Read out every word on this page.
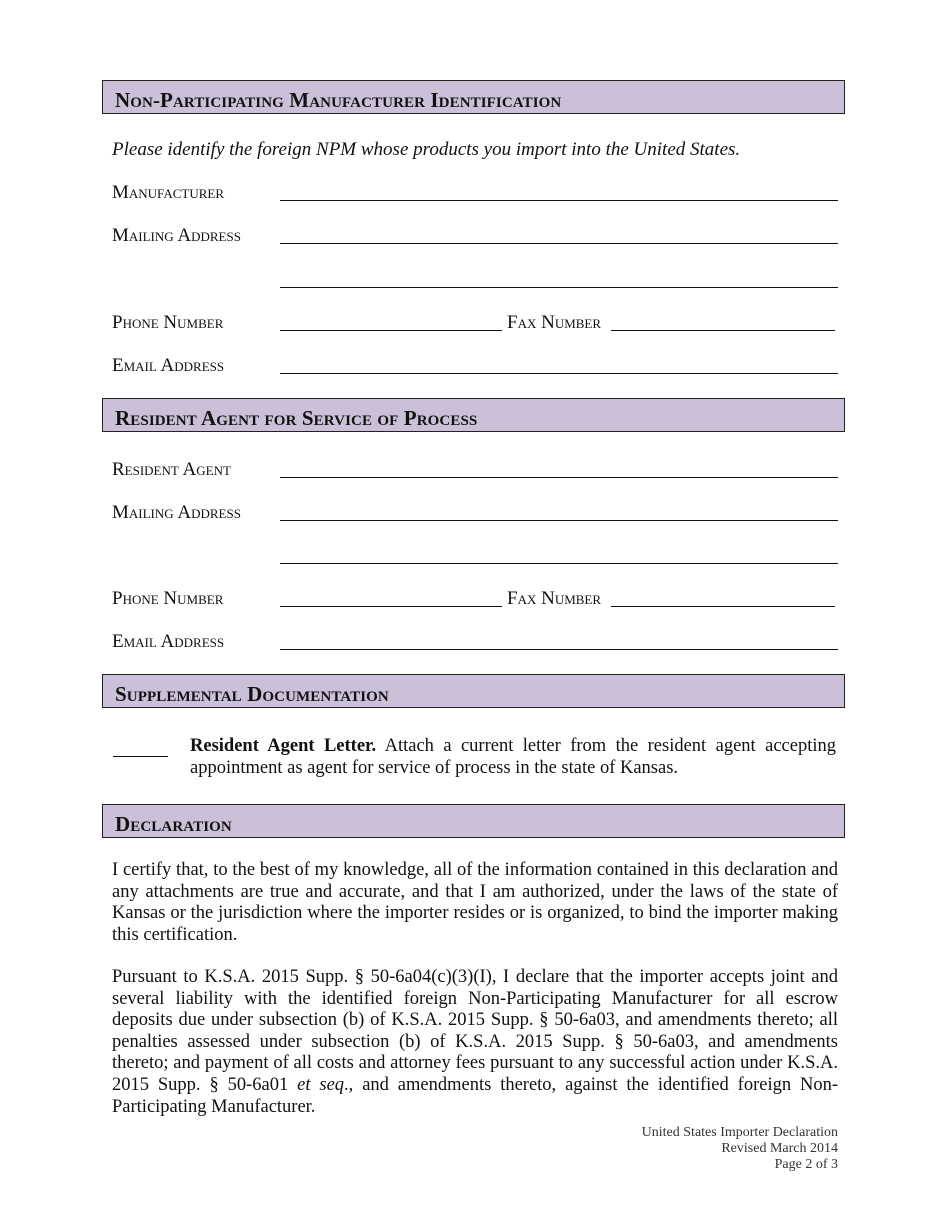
Non-Participating Manufacturer Identification
Please identify the foreign NPM whose products you import into the United States.
Manufacturer
Mailing Address
Phone Number	Fax Number
Email Address
Resident Agent for Service of Process
Resident Agent
Mailing Address
Phone Number	Fax Number
Email Address
Supplemental Documentation
Resident Agent Letter. Attach a current letter from the resident agent accepting appointment as agent for service of process in the state of Kansas.
Declaration
I certify that, to the best of my knowledge, all of the information contained in this declaration and any attachments are true and accurate, and that I am authorized, under the laws of the state of Kansas or the jurisdiction where the importer resides or is organized, to bind the importer making this certification.
Pursuant to K.S.A. 2015 Supp. § 50-6a04(c)(3)(I), I declare that the importer accepts joint and several liability with the identified foreign Non-Participating Manufacturer for all escrow deposits due under subsection (b) of K.S.A. 2015 Supp. § 50-6a03, and amendments thereto; all penalties assessed under subsection (b) of K.S.A. 2015 Supp. § 50-6a03, and amendments thereto; and payment of all costs and attorney fees pursuant to any successful action under K.S.A. 2015 Supp. § 50-6a01 et seq., and amendments thereto, against the identified foreign Non-Participating Manufacturer.
United States Importer Declaration
Revised March 2014
Page 2 of 3
